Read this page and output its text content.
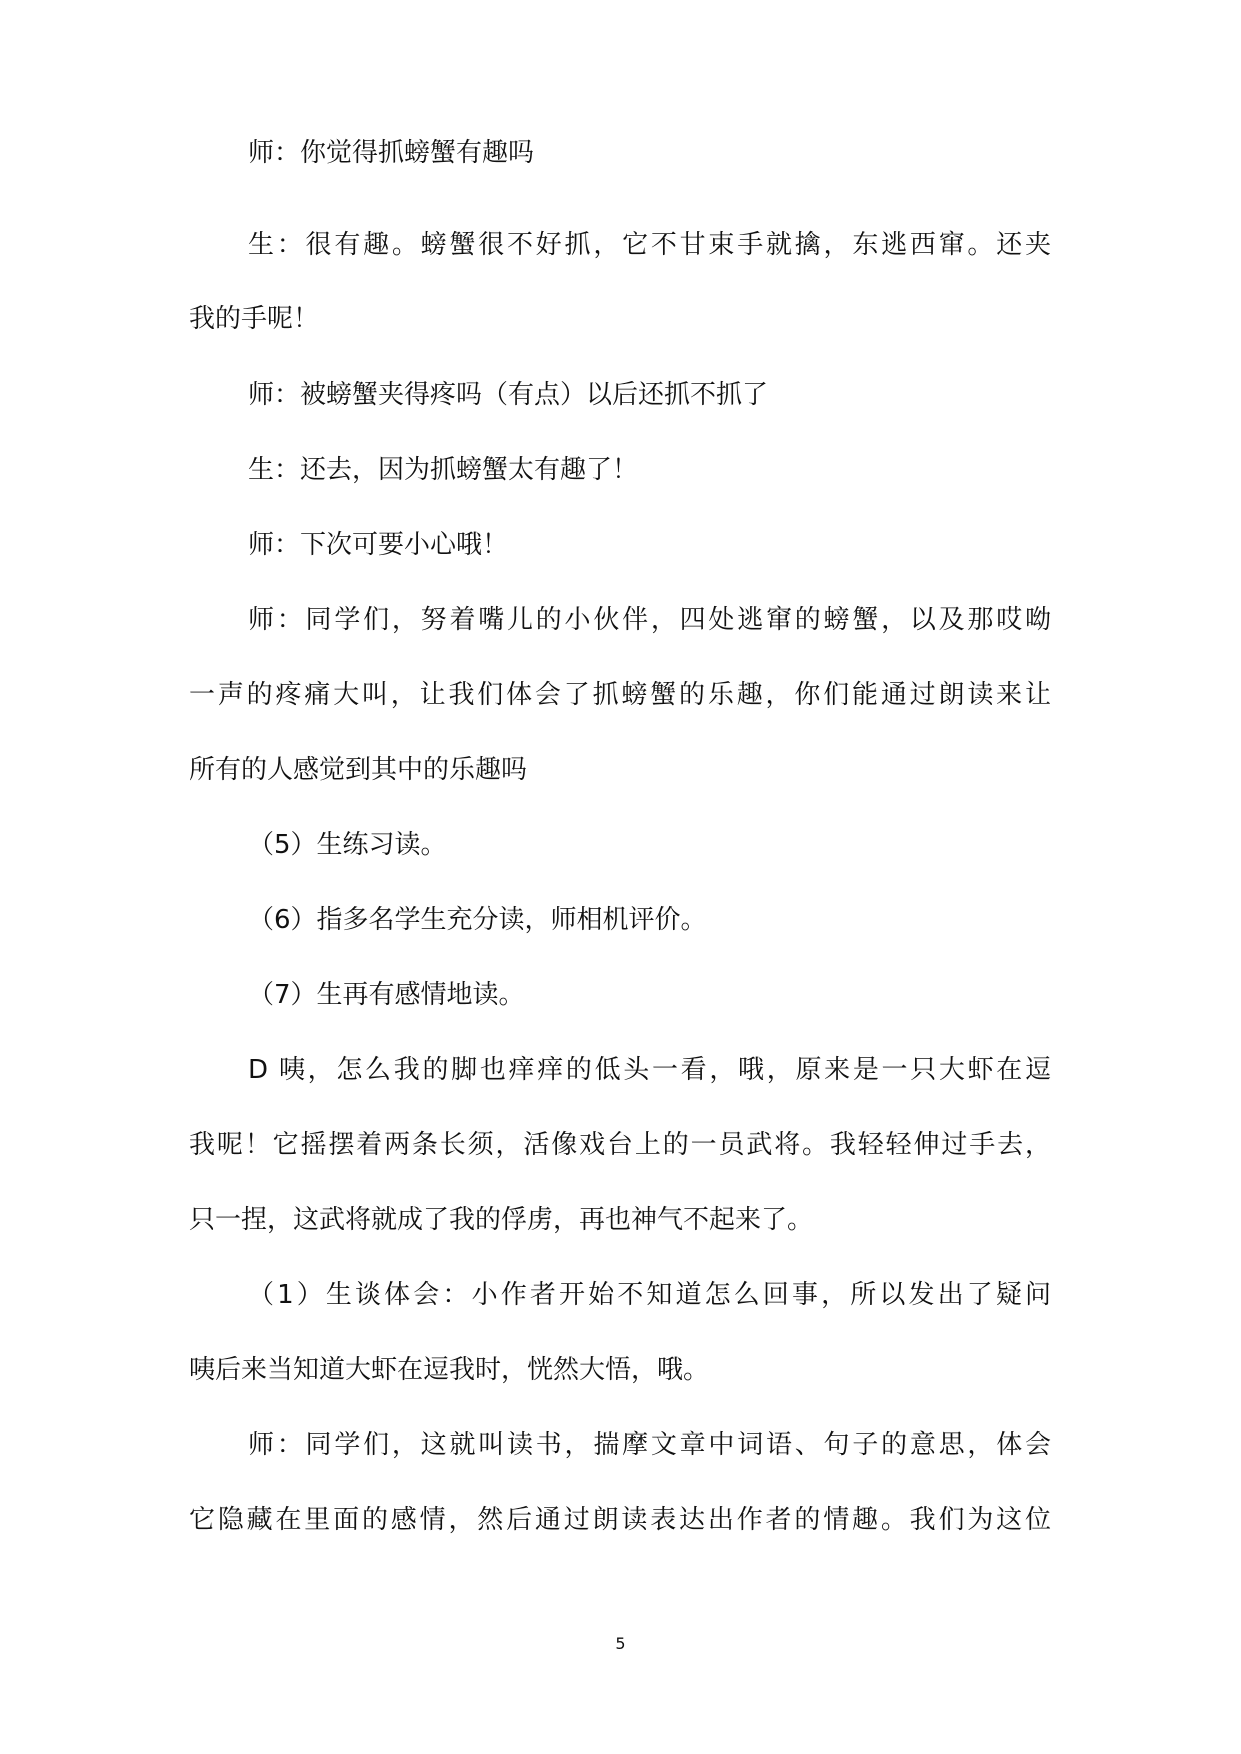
师：你觉得抓螃蟹有趣吗
生：很有趣。螃蟹很不好抓，它不甘束手就擒，东逃西窜。还夹
我的手呢！
师：被螃蟹夹得疼吗（有点）以后还抓不抓了
生：还去，因为抓螃蟹太有趣了！
师：下次可要小心哦！
师：同学们，努着嘴儿的小伙伴，四处逃窜的螃蟹，以及那哎呦
一声的疼痛大叫，让我们体会了抓螃蟹的乐趣，你们能通过朗读来让
所有的人感觉到其中的乐趣吗
（5）生练习读。
（6）指多名学生充分读，师相机评价。
（7）生再有感情地读。
D 咦，怎么我的脚也痒痒的低头一看，哦，原来是一只大虾在逗
我呢！它摇摆着两条长须，活像戏台上的一员武将。我轻轻伸过手去，
只一捏，这武将就成了我的俘虏，再也神气不起来了。
（1）生谈体会：小作者开始不知道怎么回事，所以发出了疑问
咦后来当知道大虾在逗我时，恍然大悟，哦。
师：同学们，这就叫读书，揣摩文章中词语、句子的意思，体会
它隐藏在里面的感情，然后通过朗读表达出作者的情趣。我们为这位
5
